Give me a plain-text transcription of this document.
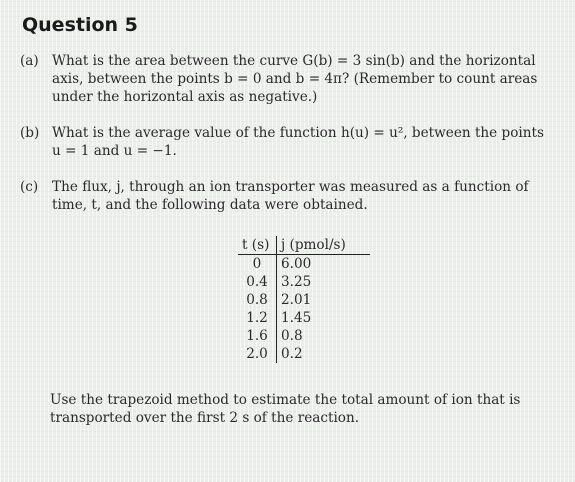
Question 5
(a) What is the area between the curve G(b) = 3 sin(b) and the horizontal
axis, between the points b = 0 and b = 4π? (Remember to count areas
under the horizontal axis as negative.)
(b) What is the average value of the function h(u) = u², between the points
u = 1 and u = −1.
(c) The flux, j, through an ion transporter was measured as a function of
time, t, and the following data were obtained.
t (s) j (pmol/s)
0	6.00
0.4 3.25
0.8 2.01
1.2 1.45
1.6 0.8
2.0 0.2
Use the trapezoid method to estimate the total amount of ion that is
transported over the first 2 s of the reaction.
